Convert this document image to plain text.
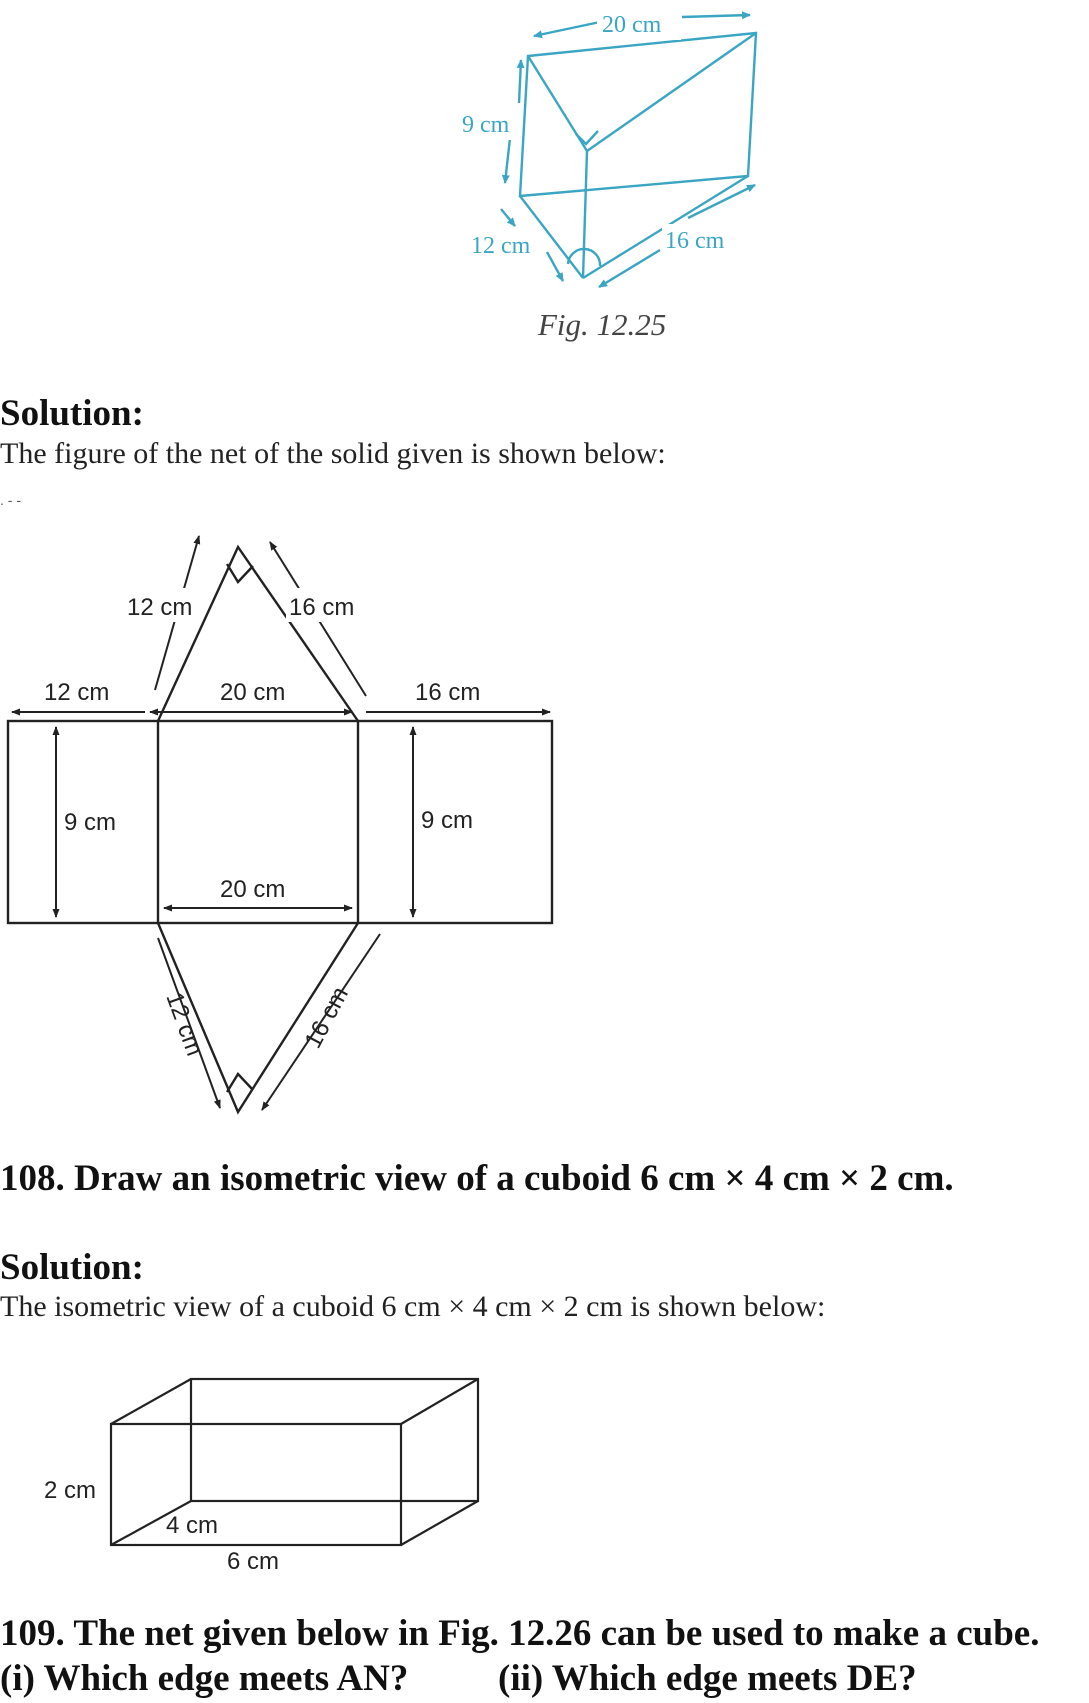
20 cm
9 cm
12 cm	16 cm
Fig. 12.25
Solution:
The figure of the net of the solid given is shown below:
. - -
12 cm	16 cm
12 cm	20 cm	16 cm
9 cm	9 cm
20 cm
12 cm	16 cm
108. Draw an isometric view of a cuboid 6 cm × 4 cm × 2 cm.
Solution:
The isometric view of a cuboid 6 cm × 4 cm × 2 cm is shown below:
2 cm
4 cm
6 cm
109. The net given below in Fig. 12.26 can be used to make a cube.
(i) Which edge meets AN? (ii) Which edge meets DE?
